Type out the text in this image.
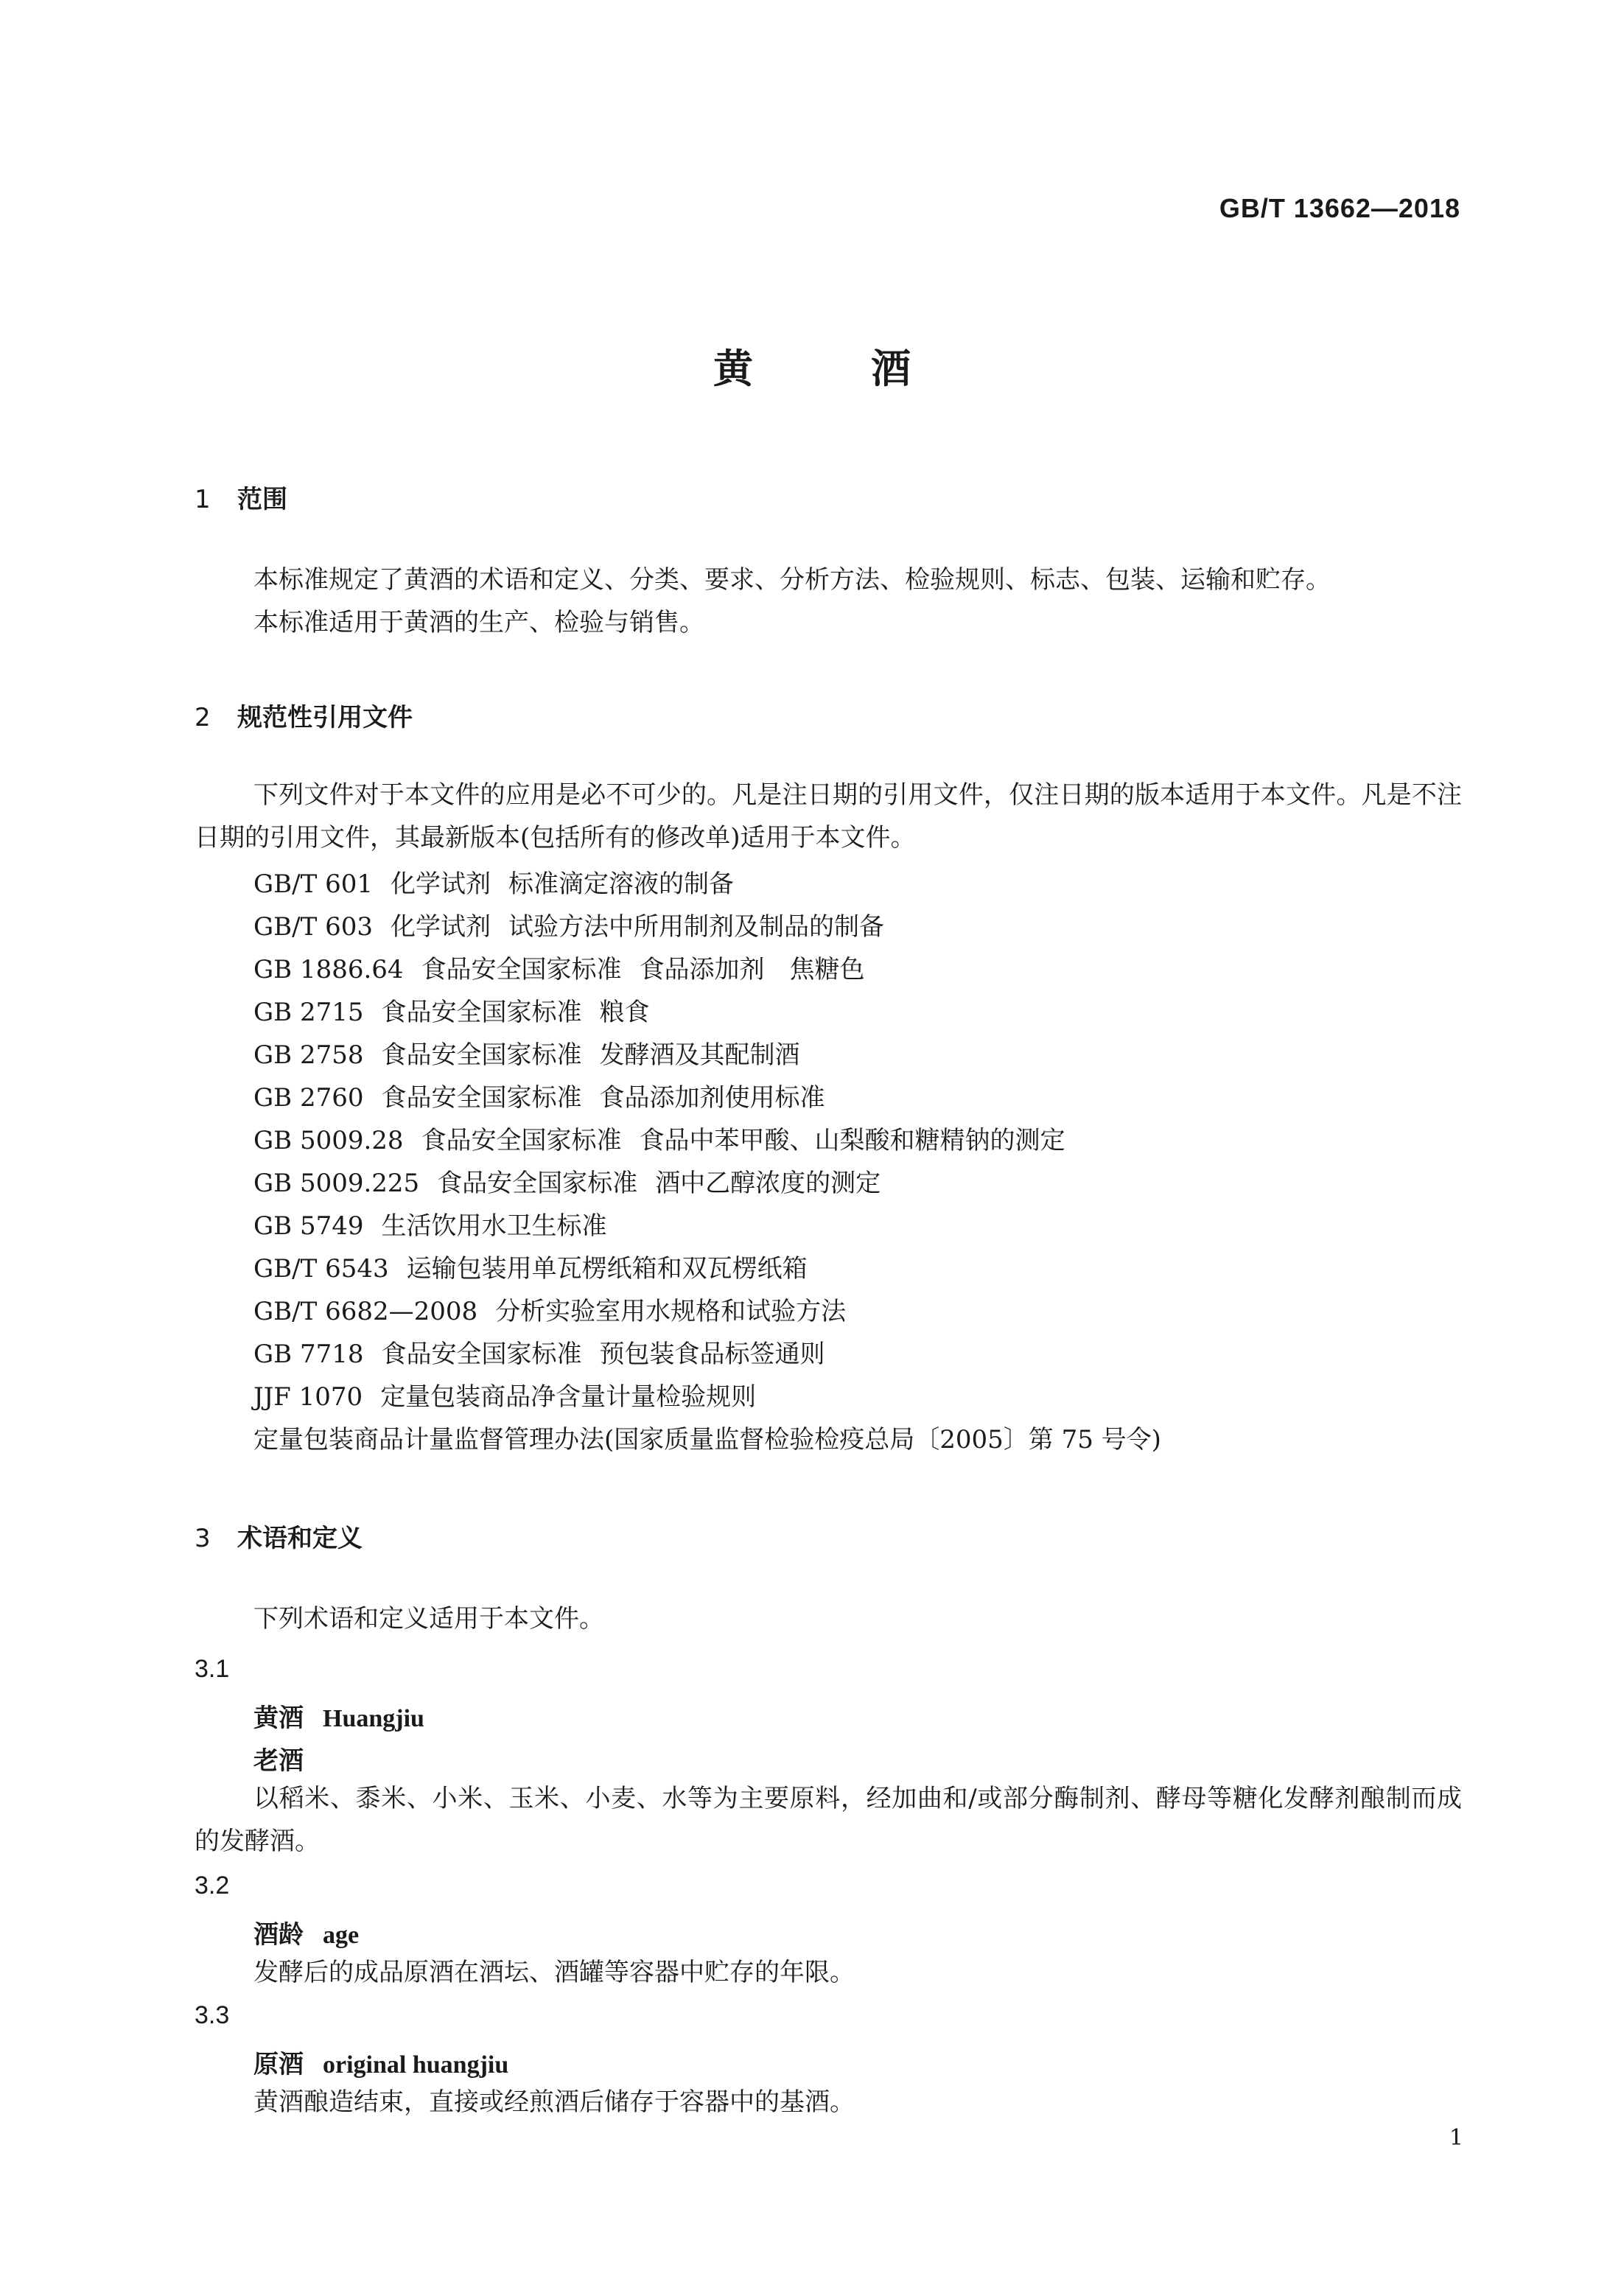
GB/T 13662—2018
黄酒
1 范围
本标准规定了黄酒的术语和定义、分类、要求、分析方法、检验规则、标志、包装、运输和贮存。
本标准适用于黄酒的生产、检验与销售。
2 规范性引用文件
下列文件对于本文件的应用是必不可少的。凡是注日期的引用文件，仅注日期的版本适用于本文件。凡是不注日期的引用文件，其最新版本(包括所有的修改单)适用于本文件。
GB/T 601 化学试剂 标准滴定溶液的制备
GB/T 603 化学试剂 试验方法中所用制剂及制品的制备
GB 1886.64 食品安全国家标准 食品添加剂　焦糖色
GB 2715 食品安全国家标准 粮食
GB 2758 食品安全国家标准 发酵酒及其配制酒
GB 2760 食品安全国家标准 食品添加剂使用标准
GB 5009.28 食品安全国家标准 食品中苯甲酸、山梨酸和糖精钠的测定
GB 5009.225 食品安全国家标准 酒中乙醇浓度的测定
GB 5749 生活饮用水卫生标准
GB/T 6543 运输包装用单瓦楞纸箱和双瓦楞纸箱
GB/T 6682—2008 分析实验室用水规格和试验方法
GB 7718 食品安全国家标准 预包装食品标签通则
JJF 1070 定量包装商品净含量计量检验规则
定量包装商品计量监督管理办法(国家质量监督检验检疫总局〔2005〕第 75 号令)
3 术语和定义
下列术语和定义适用于本文件。
3.1
黄酒 Huangjiu
老酒
以稻米、黍米、小米、玉米、小麦、水等为主要原料，经加曲和/或部分酶制剂、酵母等糖化发酵剂酿制而成的发酵酒。
3.2
酒龄 age
发酵后的成品原酒在酒坛、酒罐等容器中贮存的年限。
3.3
原酒 original huangjiu
黄酒酿造结束，直接或经煎酒后储存于容器中的基酒。
1
